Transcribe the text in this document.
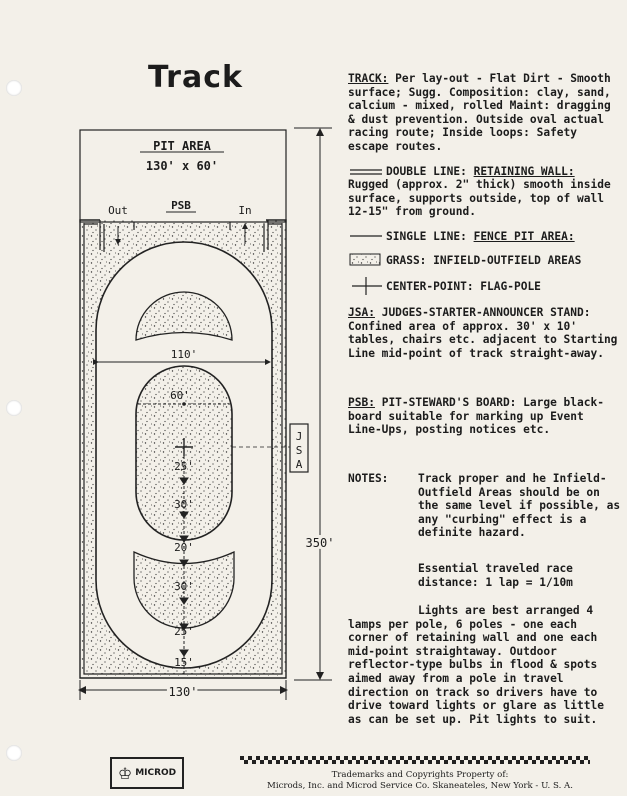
Track
PIT AREA
130' x 60'
PSB
Out	In
110'
60'
25'
30'
20'
30'
25'
15'
350'
130'
J
S
A

TRACK: Per lay-out - Flat Dirt - Smooth surface; Sugg. Composition: clay, sand, calcium - mixed, rolled Maint: dragging & dust prevention. Outside oval actual racing route; Inside loops: Safety escape routes.

DOUBLE LINE: RETAINING WALL:

Rugged (approx. 2" thick) smooth inside surface, supports outside, top of wall 12-15" from ground.

SINGLE LINE: FENCE PIT AREA:
GRASS: INFIELD-OUTFIELD AREAS
CENTER-POINT: FLAG-POLE

JSA: JUDGES-STARTER-ANNOUNCER STAND: Confined area of approx. 30' x 10' tables, chairs etc. adjacent to Starting Line mid-point of track straight-away.

PSB: PIT-STEWARD'S BOARD: Large black-board suitable for marking up Event Line-Ups, posting notices etc.

NOTES:	Track proper and he Infield-Outfield Areas should be on the same level if possible, as any "curbing" effect is a definite hazard.

Essential traveled race distance: 1 lap = 1/10m

Lights are best arranged 4 lamps per pole, 6 poles - one each corner of retaining wall and one each mid-point straightaway. Outdoor reflector-type bulbs in flood & spots aimed away from a pole in travel direction on track so drivers have to drive toward lights or glare as little as can be set up. Pit lights to suit.

♔ MICROD	Trademarks and Copyrights Property of:
Microds, Inc. and Microd Service Co. Skaneateles, New York - U. S. A.
